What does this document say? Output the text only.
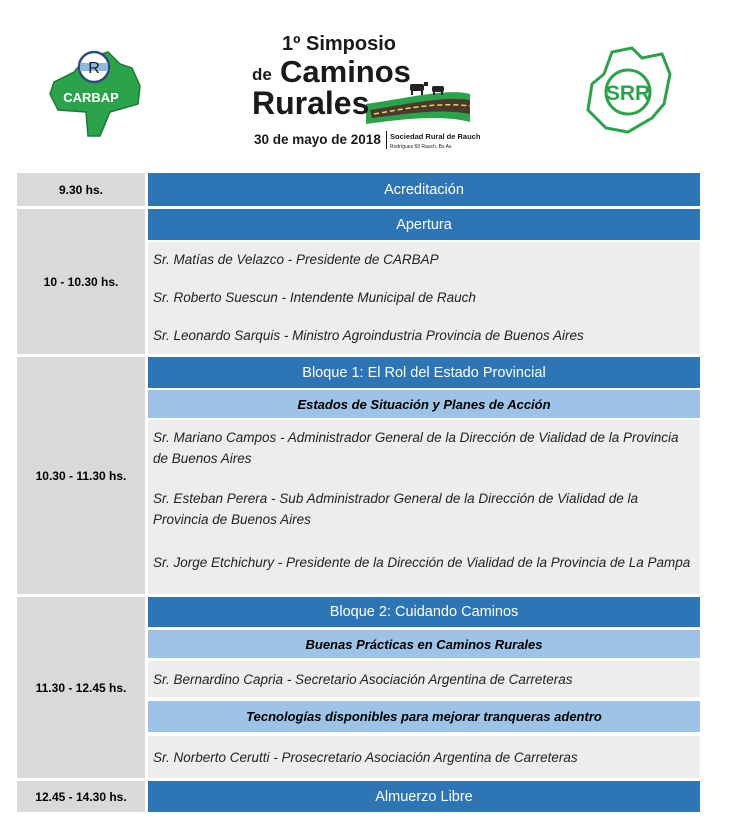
R
CARBAP
1º Simposio
de Caminos
Rurales
30 de mayo de 2018 Sociedad Rural de Rauch
Rodríguez 69 Rauch, Bs As
SRR
9.30 hs.	Acreditación
10 - 10.30 hs.
Apertura
Sr. Matías de Velazco - Presidente de CARBAP
Sr. Roberto Suescun - Intendente Municipal de Rauch
Sr. Leonardo Sarquis - Ministro Agroindustria Provincia de Buenos Aires
10.30 - 11.30 hs.
Bloque 1: El Rol del Estado Provincial
Estados de Situación y Planes de Acción
Sr. Mariano Campos - Administrador General de la Dirección de Vialidad de la Provincia de Buenos Aires
Sr. Esteban Perera - Sub Administrador General de la Dirección de Vialidad de la Provincia de Buenos Aires
Sr. Jorge Etchichury - Presidente de la Dirección de Vialidad de la Provincia de La Pampa
11.30 - 12.45 hs.
Bloque 2: Cuidando Caminos
Buenas Prácticas en Caminos Rurales
Sr. Bernardino Capria - Secretario Asociación Argentina de Carreteras
Tecnologías disponibles para mejorar tranqueras adentro
Sr. Norberto Cerutti - Prosecretario Asociación Argentina de Carreteras
12.45 - 14.30 hs.	Almuerzo Libre
